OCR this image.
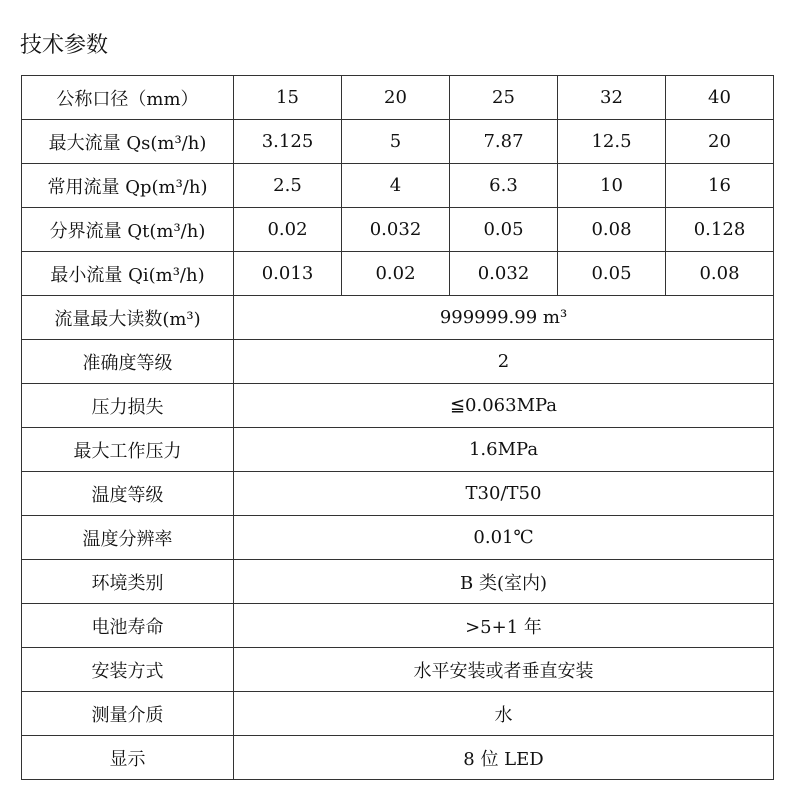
技术参数
公称口径（mm）	15	20	25	32	40
最大流量 Qs(m³/h)	3.125	5	7.87	12.5	20
常用流量 Qp(m³/h)	2.5	4	6.3	10	16
分界流量 Qt(m³/h)	0.02	0.032	0.05	0.08	0.128
最小流量 Qi(m³/h)	0.013	0.02	0.032	0.05	0.08
流量最大读数(m³)	999999.99 m³				
准确度等级	2				
压力损失	≦0.063MPa				
最大工作压力	1.6MPa				
温度等级	T30/T50				
温度分辨率	0.01℃				
环境类别	B 类(室内)				
电池寿命	>5+1 年				
安装方式	水平安装或者垂直安装				
测量介质	水				
显示	8 位 LED				
